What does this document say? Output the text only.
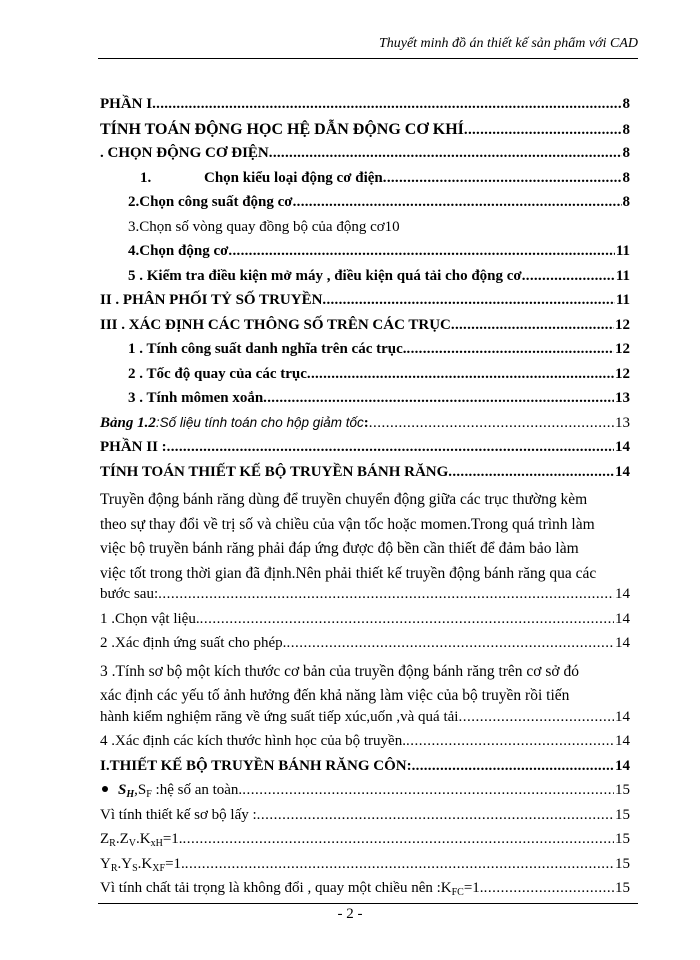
Thuyết minh đồ án thiết kế sản phẩm với CAD
PHẦN I .....	8
TÍNH TOÁN ĐỘNG HỌC HỆ DẪN ĐỘNG CƠ KHÍ .....	8
. CHỌN ĐỘNG CƠ ĐIỆN .....	8
1.	Chọn kiểu loại động cơ điện .....	8
2.Chọn công suất động cơ .....	8
3.Chọn số vòng quay đồng bộ của động cơ10
4.Chọn động cơ .....	11
5 . Kiểm tra điều kiện mở máy , điều kiện quá tải cho động cơ .....	11
II . PHÂN PHỐI TỶ SỐ TRUYỀN .....	11
III . XÁC ĐỊNH CÁC THÔNG SỐ TRÊN CÁC TRỤC .....	12
1 . Tính công suất danh nghĩa trên các trục. .....	12
2 . Tốc độ quay của các trục .....	12
3 . Tính mômen xoắn .....	13
Bảng 1.2 :Số liệu tính toán cho hộp giảm tốc : .....	13
PHẦN II : .....	14
TÍNH TOÁN THIẾT KẾ BỘ TRUYỀN BÁNH RĂNG .....	14
Truyền động bánh răng dùng để truyền chuyển động giữa các trục thường kèm
theo sự thay đổi về trị số và chiều của vận tốc hoặc momen.Trong quá trình làm
việc bộ truyền bánh răng phải đáp ứng được độ bền cần thiết để đảm bảo làm
việc tốt trong thời gian đã định.Nên phải thiết kế truyền động bánh răng qua các
bước sau: .....	14
1 .Chọn vật liệu. .....	14
2 .Xác định ứng suất cho phép. .....	14
3 .Tính sơ bộ một kích thước cơ bản của truyền động bánh răng trên cơ sở đó
xác định các yếu tố ảnh hưởng đến khả năng làm việc của bộ truyền rồi tiến
hành kiểm nghiệm răng về ứng suất tiếp xúc,uốn ,và quá tải .....	14
4 .Xác định các kích thước hình học của bộ truyền. .....	14
I.THIẾT KẾ BỘ TRUYỀN BÁNH RĂNG CÔN: .....	14
$S_H$ $,S_F$ :hệ số an toàn. .....	15
Vì tính thiết kế sơ bộ lấy : .....	15
$Z_R.Z_V.K_{xH}=1$. .....	15
$Y_R.Y_S.K_{XF}=1$. .....	15
Vì tính chất tải trọng là không đổi , quay một chiều nên $:K_{FC}=1$. .....	15
- 2 -
